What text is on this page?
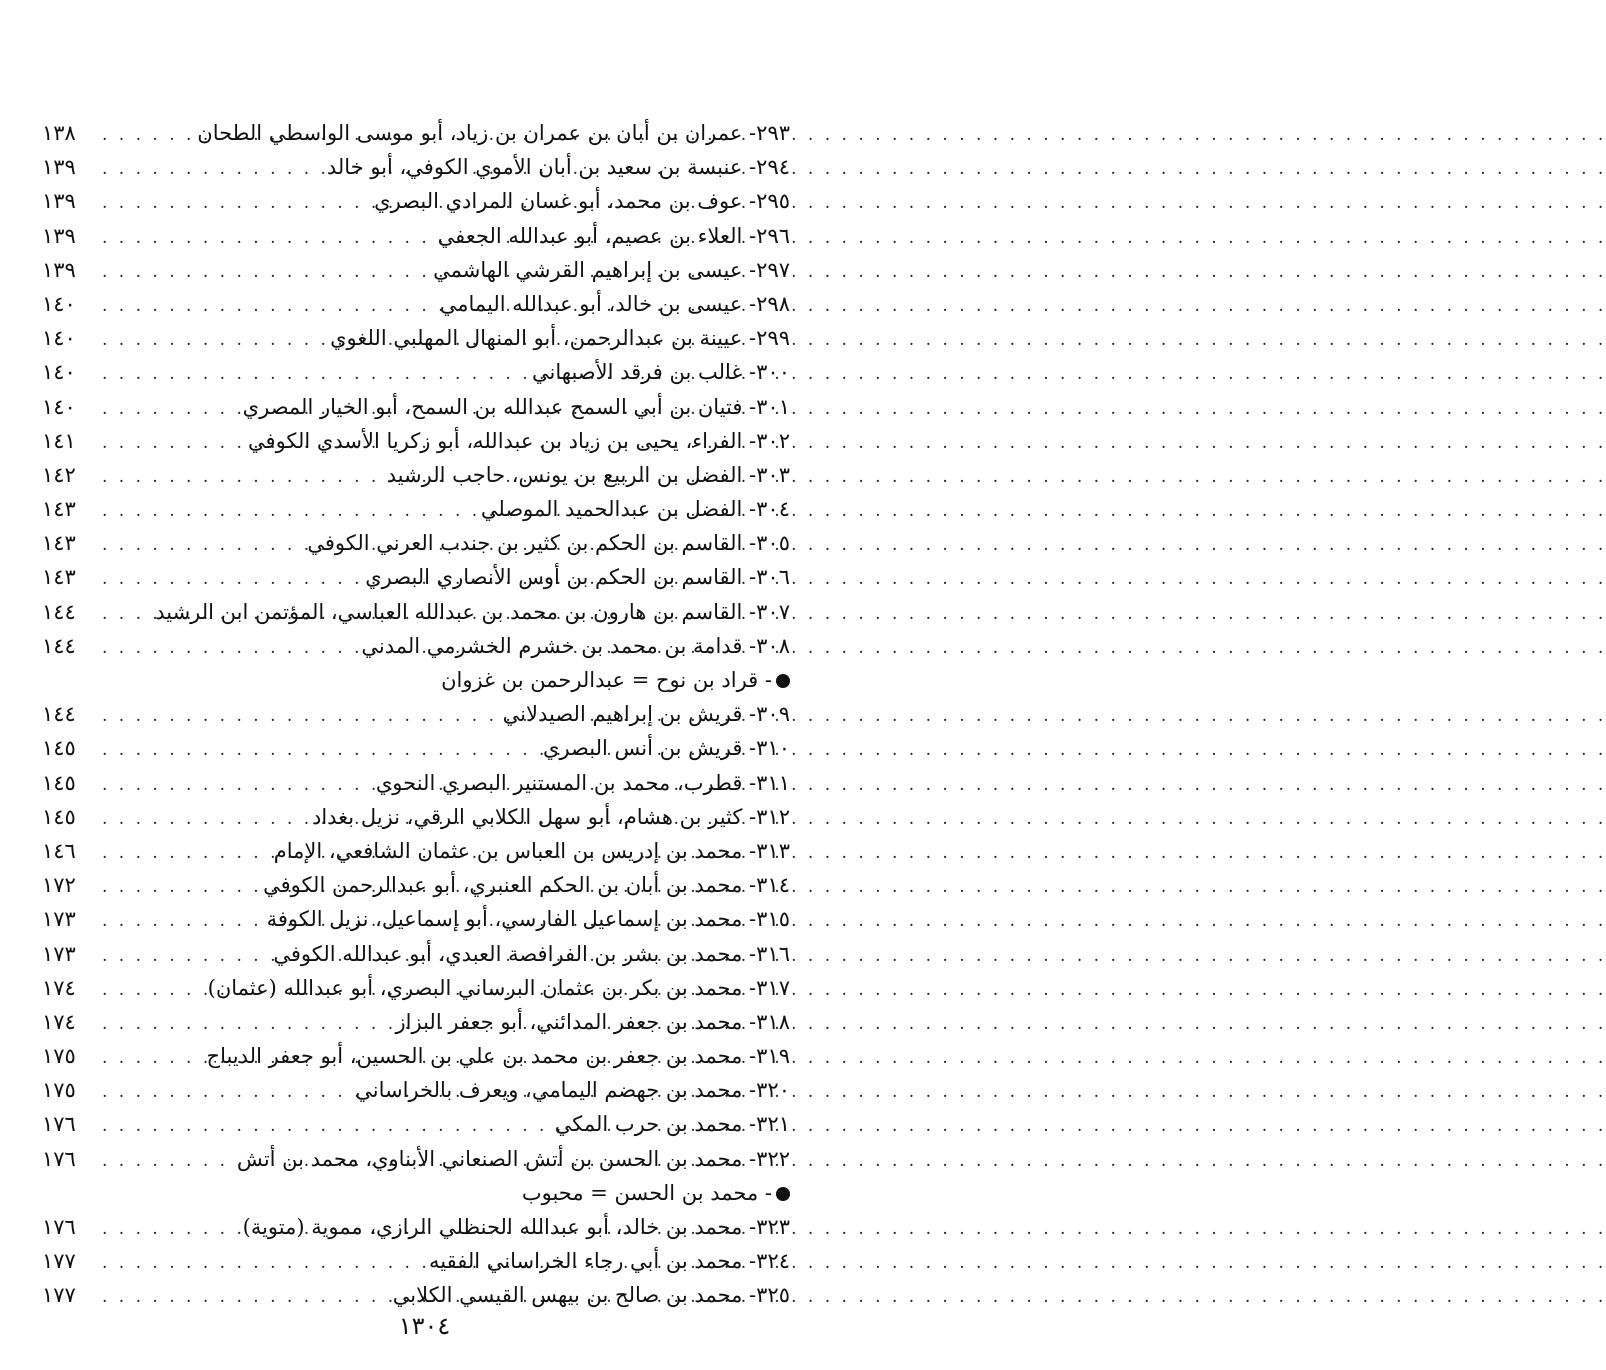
٢٩٣- عمران بن أبان بن عمران بن زياد، أبو موسى الواسطي الطحان
. . .
١٣٨
٢٩٤- عنبسة بن سعيد بن أبان الأموي الكوفي، أبو خالد
. . .
١٣٩
٢٩٥- عوف بن محمد، أبو غسان المرادي البصري
. . .
١٣٩
٢٩٦- العلاء بن عصيم، أبو عبدالله الجعفي
. . .
١٣٩
٢٩٧- عيسى بن إبراهيم القرشي الهاشمي
. . .
١٣٩
٢٩٨- عيسى بن خالد، أبو عبدالله اليمامي
. . .
١٤٠
٢٩٩- عيينة بن عبدالرحمن، أبو المنهال المهلبي اللغوي
. . .
١٤٠
٣٠٠- غالب بن فرقد الأصبهاني
. . .
١٤٠
٣٠١- فتيان بن أبي السمح عبدالله بن السمح، أبو الخيار المصري
. . .
١٤٠
٣٠٢- الفراء، يحيى بن زياد بن عبدالله، أبو زكريا الأسدي الكوفي
. . .
١٤١
٣٠٣- الفضل بن الربيع بن يونس، حاجب الرشيد
. . .
١٤٢
٣٠٤- الفضل بن عبدالحميد الموصلي
. . .
١٤٣
٣٠٥- القاسم بن الحكم بن كثير بن جندب العرني الكوفي
. . .
١٤٣
٣٠٦- القاسم بن الحكم بن أوس الأنصاري البصري
. . .
١٤٣
٣٠٧- القاسم بن هارون بن محمد بن عبدالله العباسي، المؤتمن ابن الرشيد
. . .
١٤٤
٣٠٨- قدامة بن محمد بن خشرم الخشرمي المدني
. . .
١٤٤
- قراد بن نوح = عبدالرحمن بن غزوان
٣٠٩- قريش بن إبراهيم الصيدلاني
. . .
١٤٤
٣١٠- قريش بن أنس البصري
. . .
١٤٥
٣١١- قطرب، محمد بن المستنير البصري النحوي
. . .
١٤٥
٣١٢- كثير بن هشام، أبو سهل الكلابي الرقي، نزيل بغداد
. . .
١٤٥
٣١٣- محمد بن إدريس بن العباس بن عثمان الشافعي، الإمام
. . .
١٤٦
٣١٤- محمد بن أبان بن الحكم العنبري، أبو عبدالرحمن الكوفي
. . .
١٧٢
٣١٥- محمد بن إسماعيل الفارسي، أبو إسماعيل، نزيل الكوفة
. . .
١٧٣
٣١٦- محمد بن بشر بن الفرافصة العبدي، أبو عبدالله الكوفي
. . .
١٧٣
٣١٧- محمد بن بكر بن عثمان البرساني البصري، أبو عبدالله (عثمان)
. . .
١٧٤
٣١٨- محمد بن جعفر المدائني، أبو جعفر البزاز
. . .
١٧٤
٣١٩- محمد بن جعفر بن محمد بن علي بن الحسين، أبو جعفر الديباج
. . .
١٧٥
٣٢٠- محمد بن جهضم اليمامي، ويعرف بالخراساني
. . .
١٧٥
٣٢١- محمد بن حرب المكي
. . .
١٧٦
٣٢٢- محمد بن الحسن بن أتش الصنعاني الأبناوي، محمد بن أتش
. . .
١٧٦
- محمد بن الحسن = محبوب
٣٢٣- محمد بن خالد، أبو عبدالله الحنظلي الرازي، مموية (متوية)
. . .
١٧٦
٣٢٤- محمد بن أبي رجاء الخراساني الفقيه
. . .
١٧٧
٣٢٥- محمد بن صالح بن بيهس القيسي الكلابي
. . .
١٧٧
١٣٠٤
